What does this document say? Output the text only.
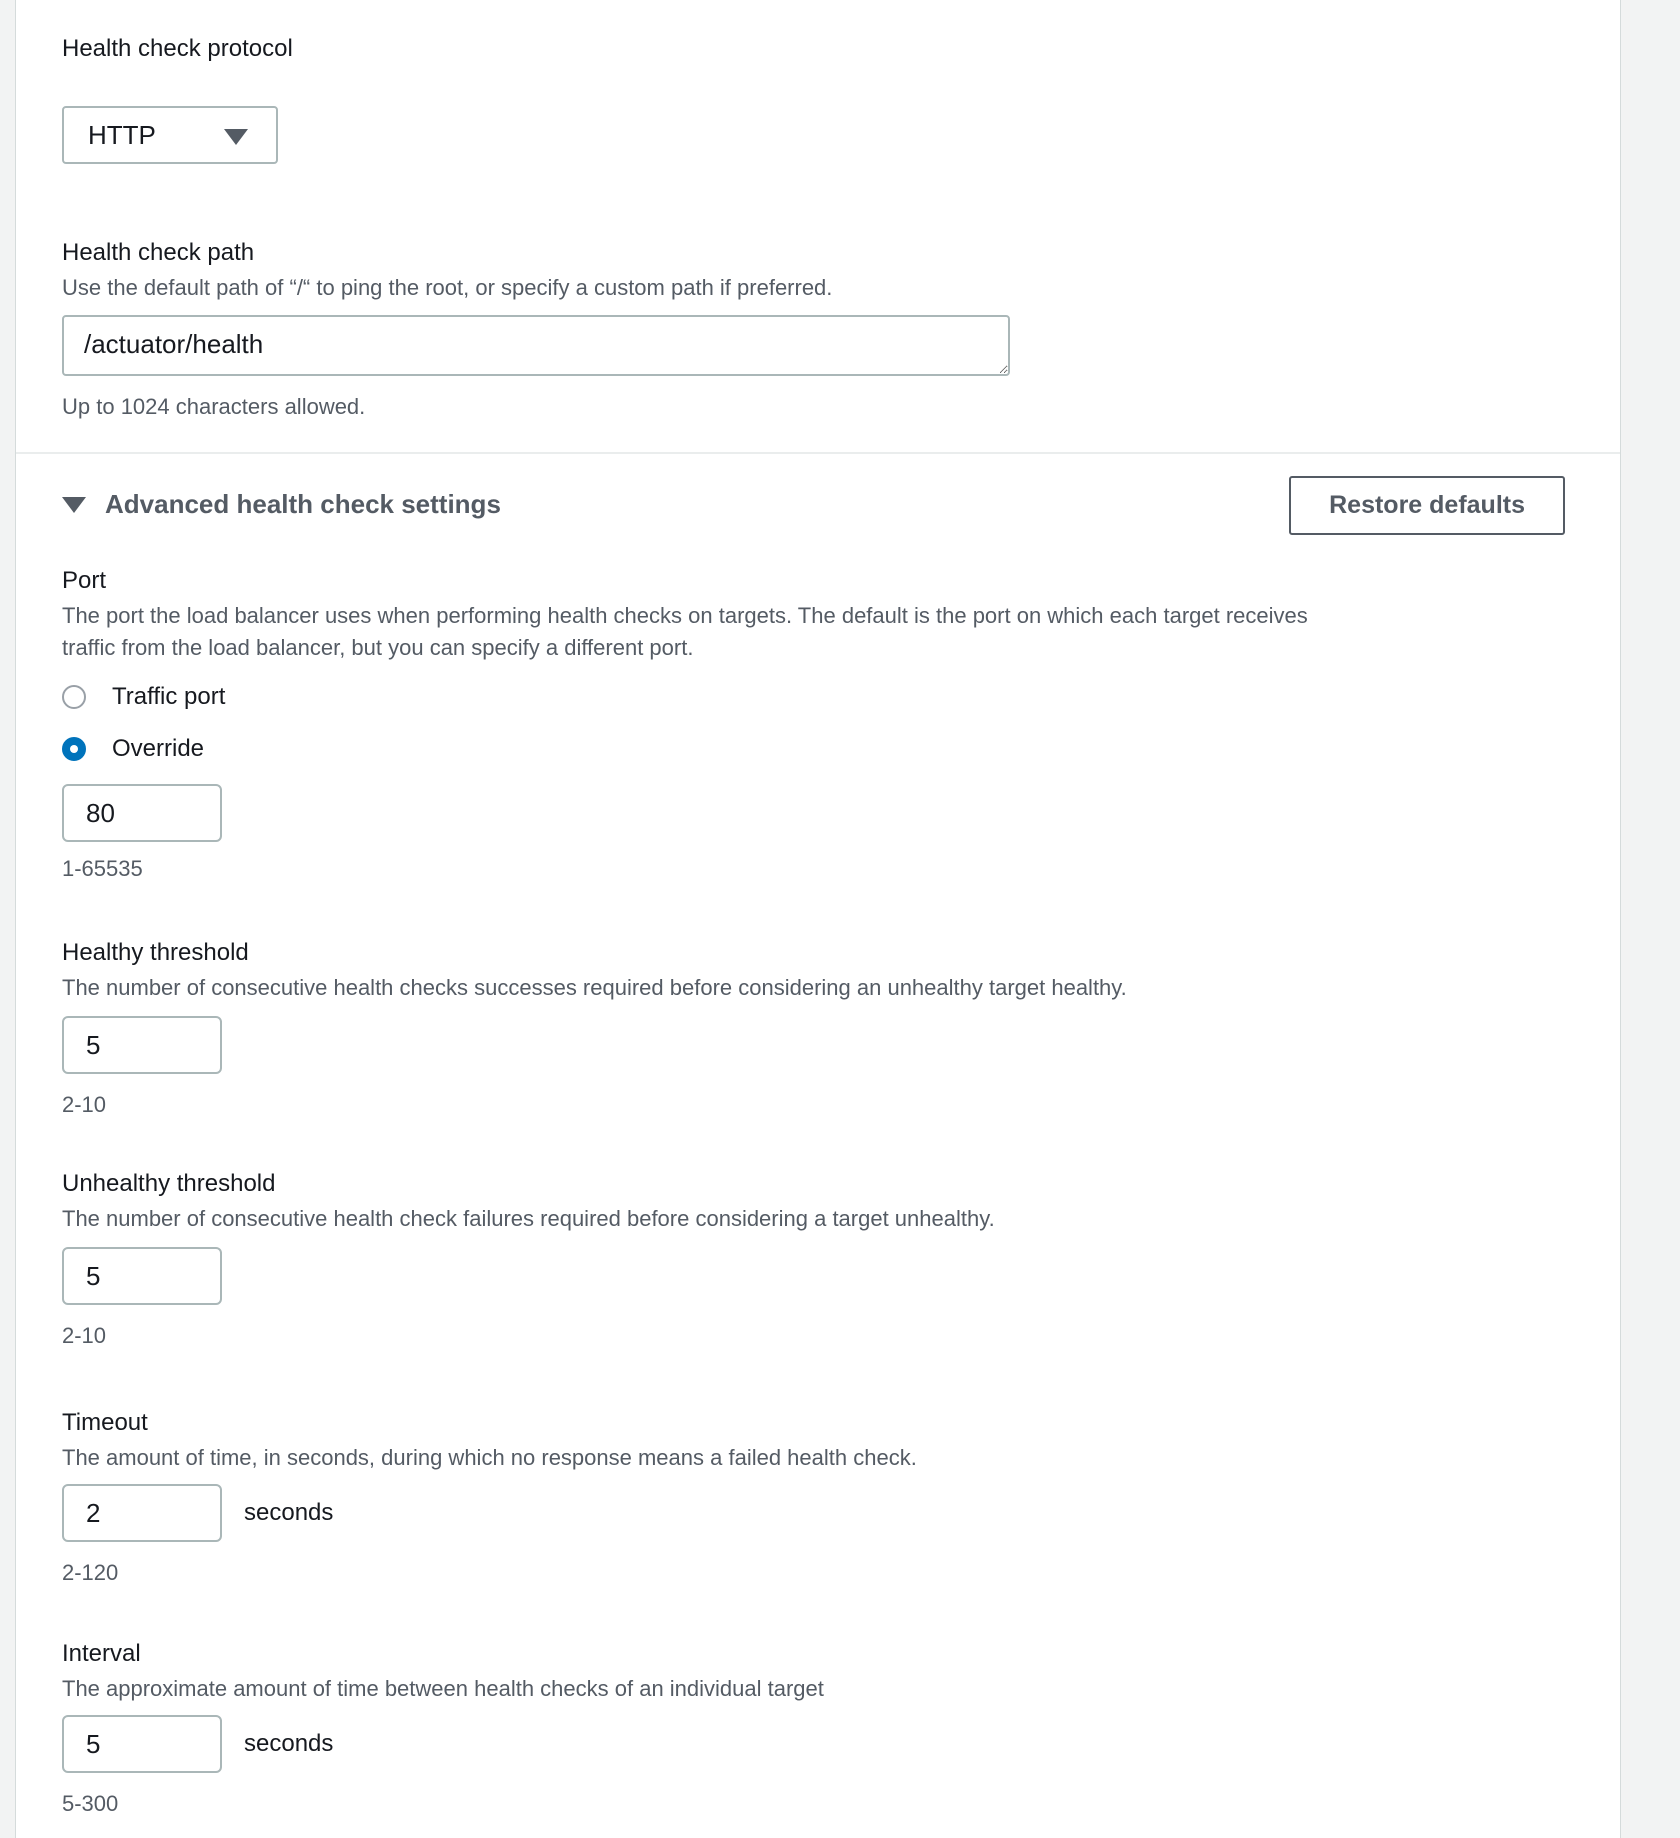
Health check protocol
HTTP
Health check path
Use the default path of “/“ to ping the root, or specify a custom path if preferred.
/actuator/health
Up to 1024 characters allowed.
Advanced health check settings	Restore defaults
Port
The port the load balancer uses when performing health checks on targets. The default is the port on which each target receives traffic from the load balancer, but you can specify a different port.
Traffic port
Override
80
1-65535
Healthy threshold
The number of consecutive health checks successes required before considering an unhealthy target healthy.
5
2-10
Unhealthy threshold
The number of consecutive health check failures required before considering a target unhealthy.
5
2-10
Timeout
The amount of time, in seconds, during which no response means a failed health check.
2
seconds
2-120
Interval
The approximate amount of time between health checks of an individual target
5
seconds
5-300
